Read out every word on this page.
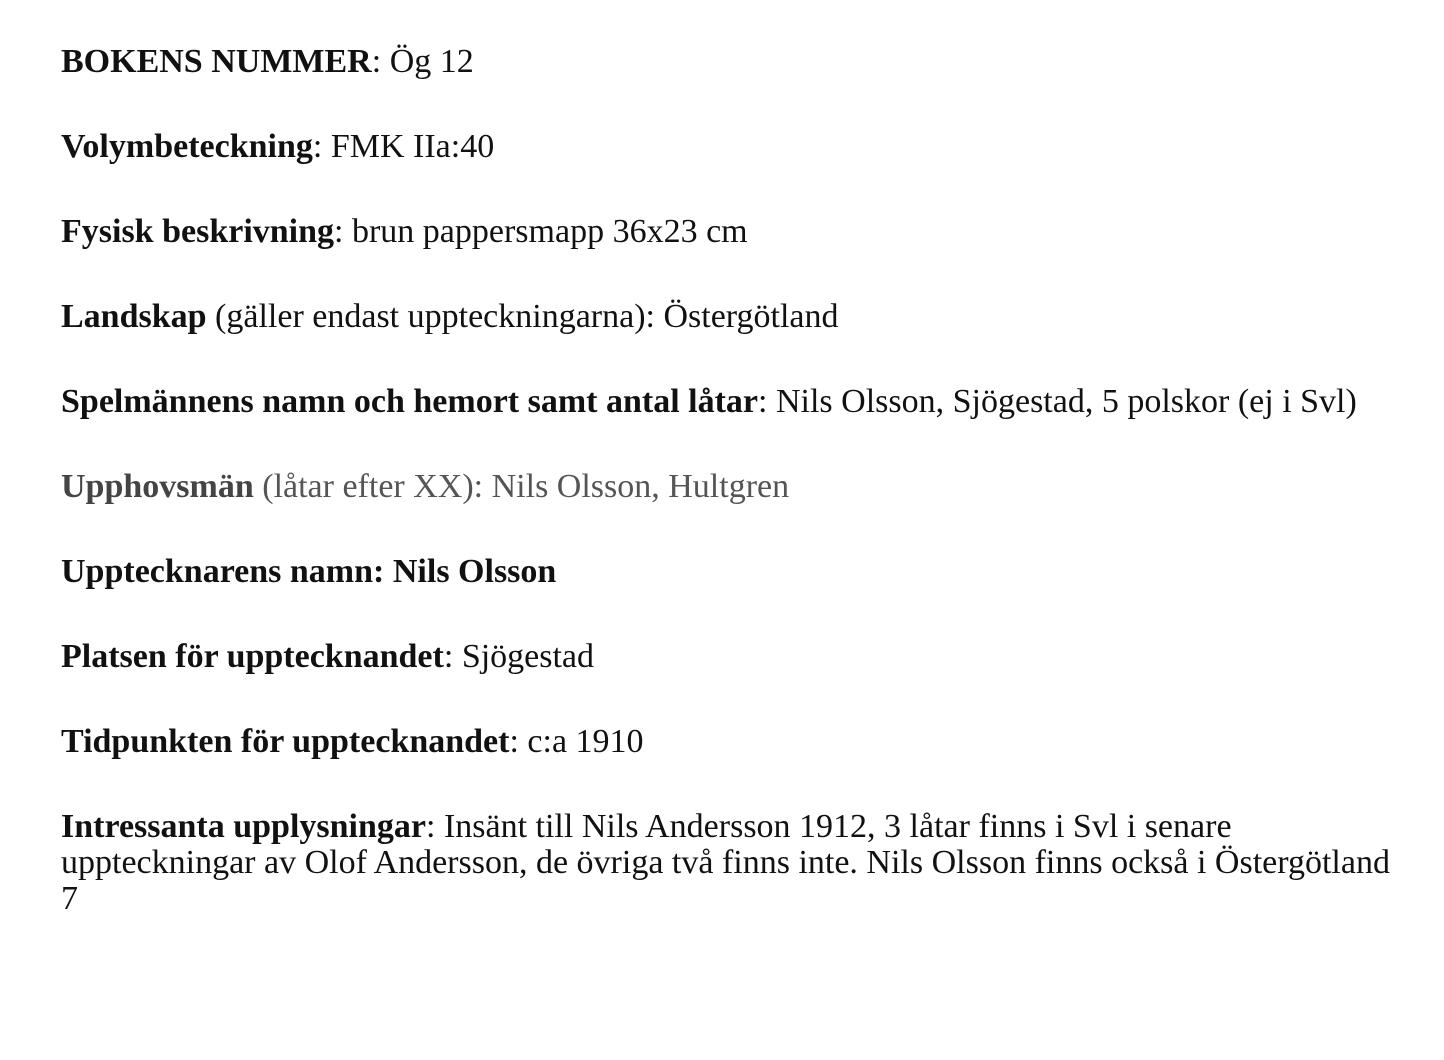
BOKENS NUMMER: Ög 12

Volymbeteckning: FMK IIa:40

Fysisk beskrivning: brun pappersmapp 36x23 cm

Landskap (gäller endast uppteckningarna): Östergötland

Spelmännens namn och hemort samt antal låtar: Nils Olsson, Sjögestad, 5 polskor (ej i Svl)

Upphovsmän (låtar efter XX): Nils Olsson, Hultgren

Upptecknarens namn: Nils Olsson

Platsen för upptecknandet: Sjögestad

Tidpunkten för upptecknandet: c:a 1910

Intressanta upplysningar: Insänt till Nils Andersson 1912, 3 låtar finns i Svl i senare uppteckningar av Olof Andersson, de övriga två finns inte. Nils Olsson finns också i Östergötland 7
